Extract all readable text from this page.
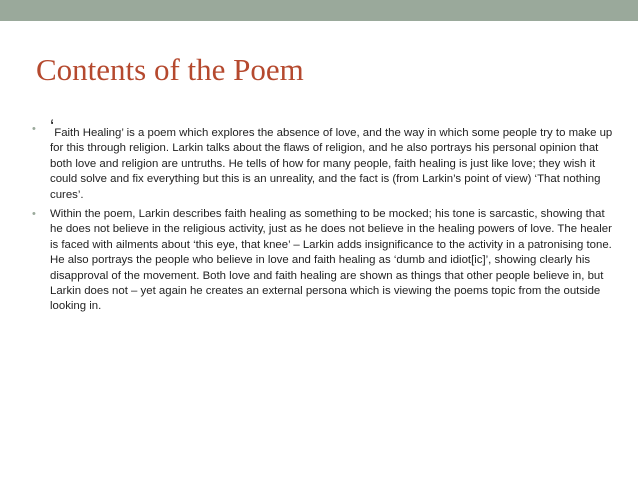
Contents of the Poem
• ‘Faith Healing’ is a poem which explores the absence of love, and the way in which some people try to make up for this through religion. Larkin talks about the flaws of religion, and he also portrays his personal opinion that both love and religion are untruths. He tells of how for many people, faith healing is just like love; they wish it could solve and fix everything but this is an unreality, and the fact is (from Larkin’s point of view) ‘That nothing cures’.
• Within the poem, Larkin describes faith healing as something to be mocked; his tone is sarcastic, showing that he does not believe in the religious activity, just as he does not believe in the healing powers of love. The healer is faced with ailments about ‘this eye, that knee’ – Larkin adds insignificance to the activity in a patronising tone. He also portrays the people who believe in love and faith healing as ‘dumb and idiot[ic]’, showing clearly his disapproval of the movement. Both love and faith healing are shown as things that other people believe in, but Larkin does not – yet again he creates an external persona which is viewing the poems topic from the outside looking in.
